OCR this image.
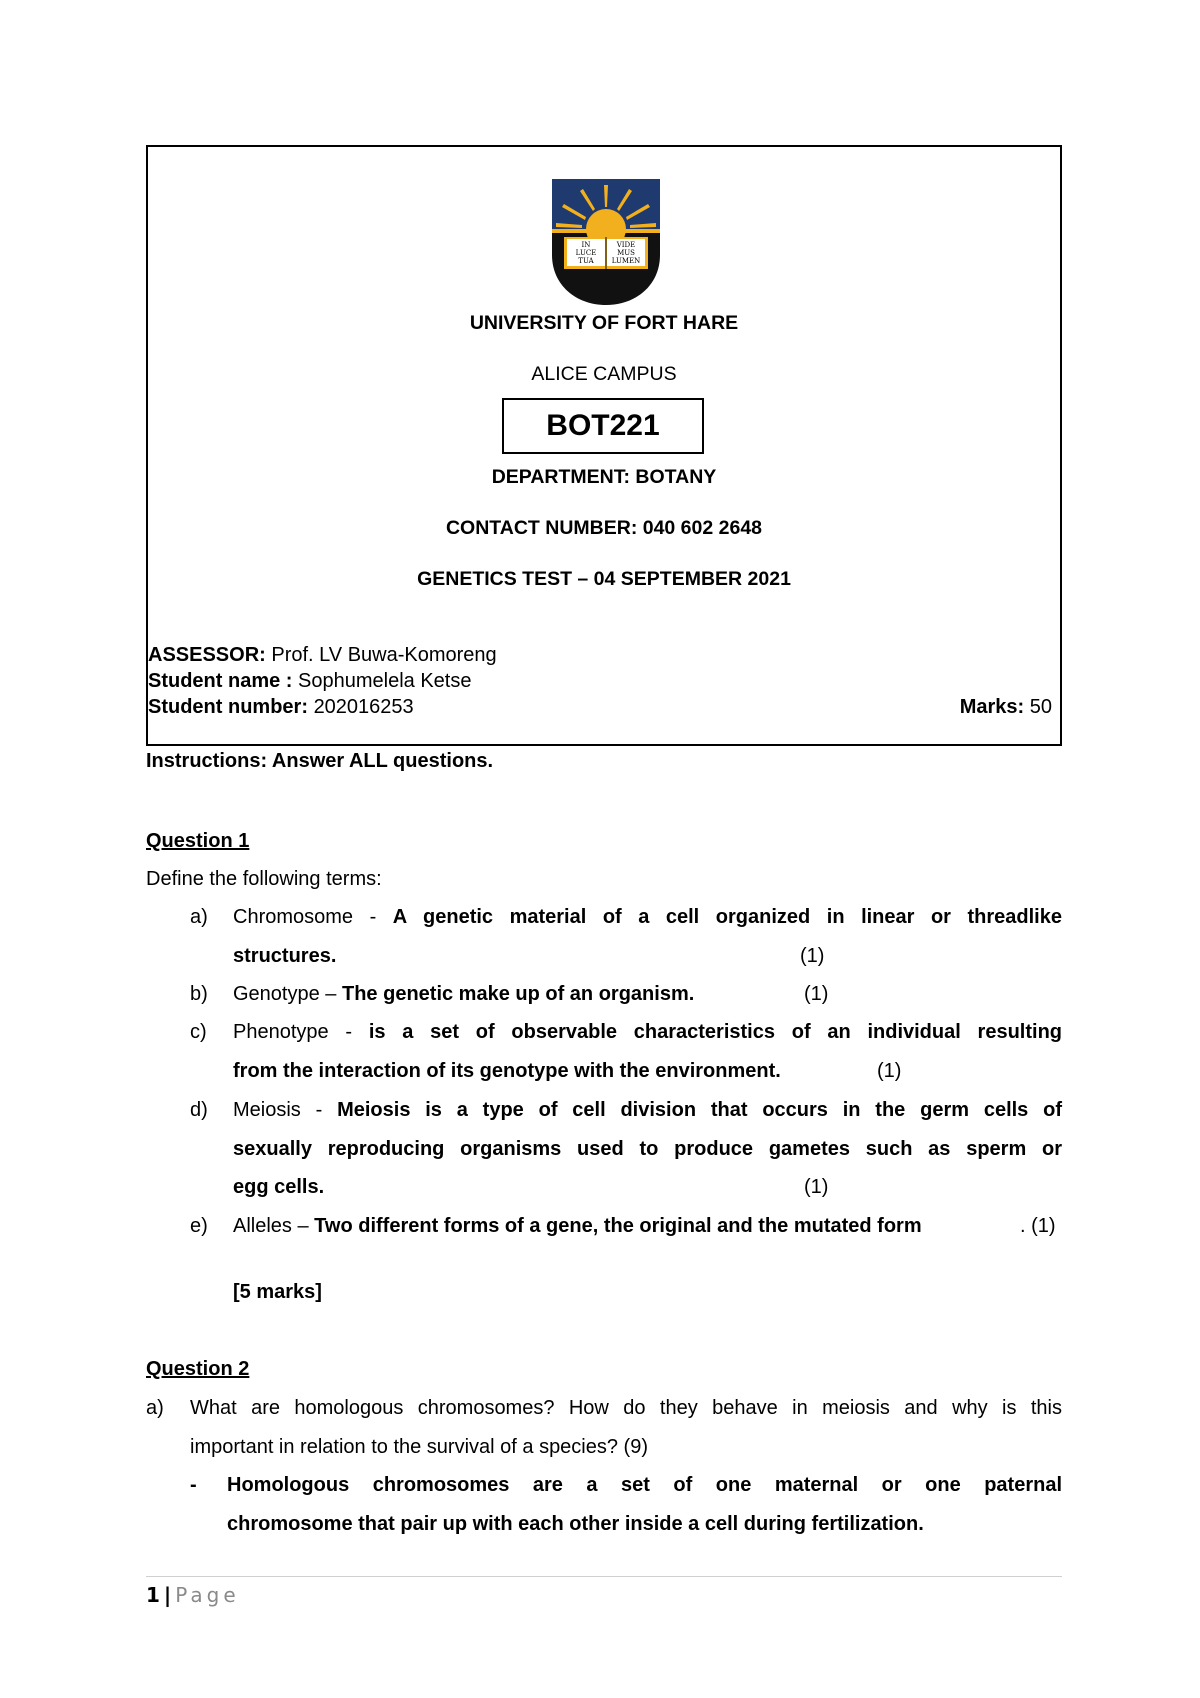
IN
LUCE
TUA
VIDE
MUS
LUMEN
UNIVERSITY OF FORT HARE
ALICE CAMPUS
BOT221
DEPARTMENT: BOTANY
CONTACT NUMBER: 040 602 2648
GENETICS TEST – 04 SEPTEMBER 2021
ASSESSOR: Prof. LV Buwa-Komoreng
Student name : Sophumelela Ketse
Student number: 202016253	Marks: 50
Instructions: Answer ALL questions.
Question 1
Define the following terms:
a) Chromosome - A genetic material of a cell organized in linear or threadlike
structures.	(1)
b) Genotype – The genetic make up of an organism.	(1)
c) Phenotype - is a set of observable characteristics of an individual resulting
from the interaction of its genotype with the environment.	(1)
d) Meiosis - Meiosis is a type of cell division that occurs in the germ cells of
sexually reproducing organisms used to produce gametes such as sperm or
egg cells.	(1)
e) Alleles – Two different forms of a gene, the original and the mutated form	. (1)
[5 marks]
Question 2
a) What are homologous chromosomes? How do they behave in meiosis and why is this
important in relation to the survival of a species? (9)
- Homologous chromosomes are a set of one maternal or one paternal
chromosome that pair up with each other inside a cell during fertilization.
1 | Page
